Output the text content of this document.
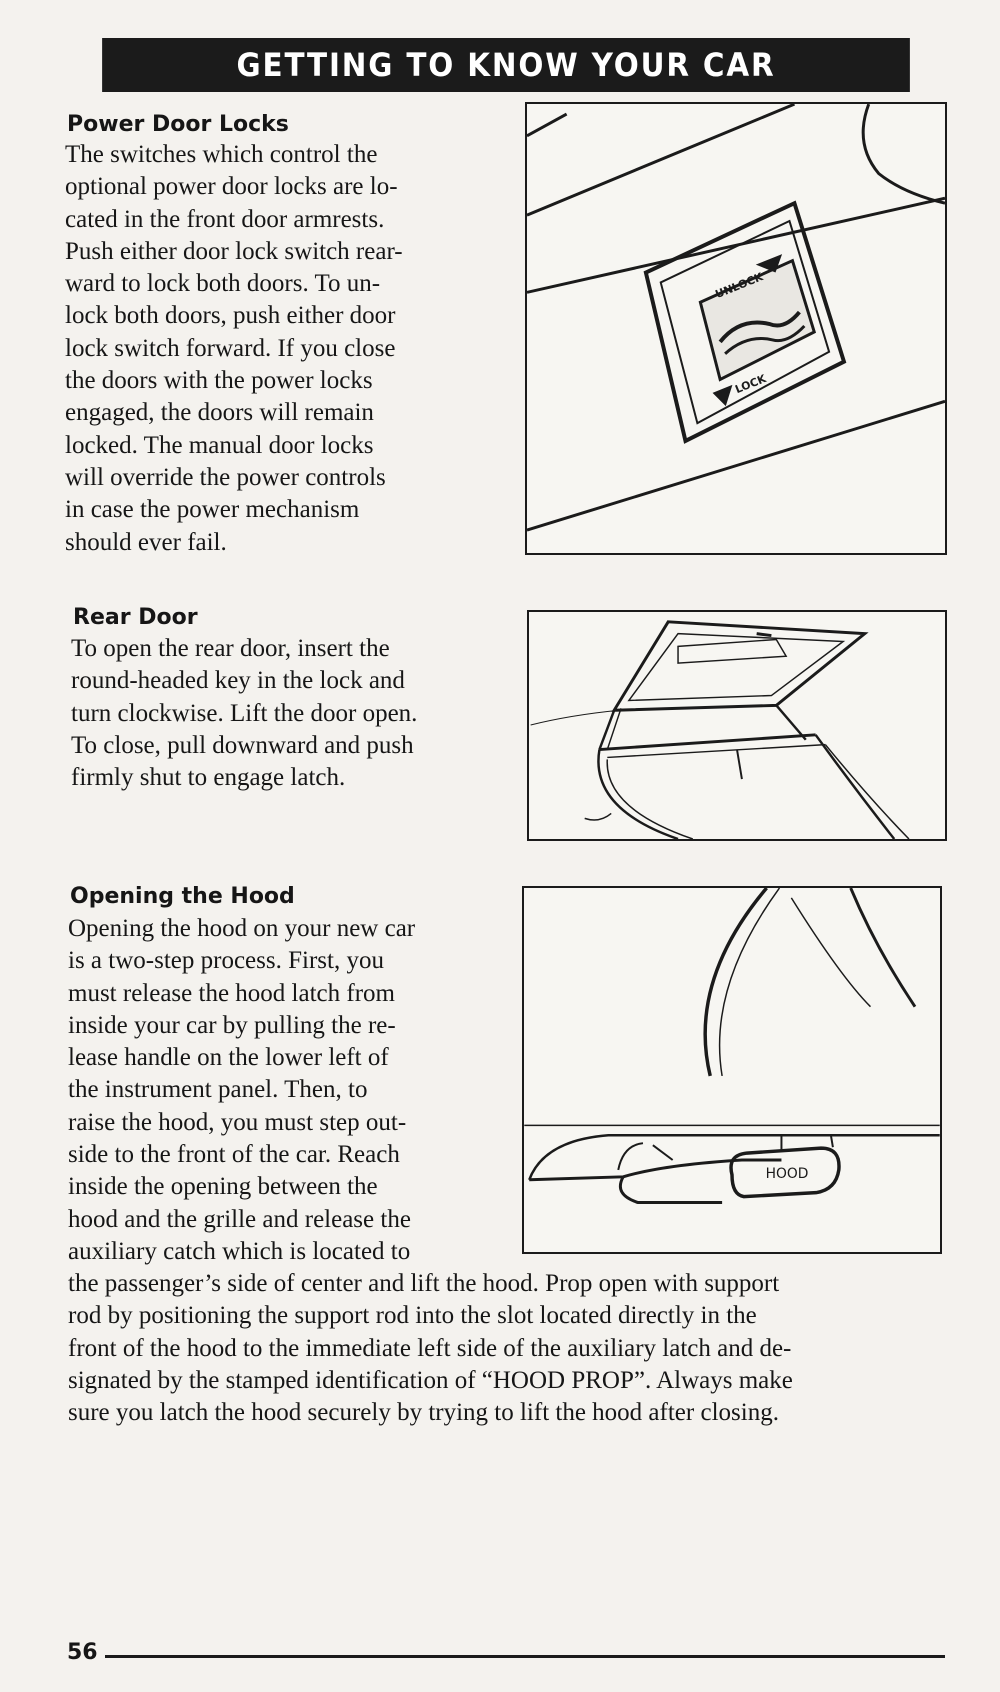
GETTING TO KNOW YOUR CAR
Power Door Locks

The switches which control the
optional power door locks are lo-
cated in the front door armrests.
Push either door lock switch rear-
ward to lock both doors. To un-
lock both doors, push either door
lock switch forward. If you close
the doors with the power locks
engaged, the doors will remain
locked. The manual door locks
will override the power controls
in case the power mechanism
should ever fail.

UNLOCK
LOCK
Rear Door

To open the rear door, insert the
round-headed key in the lock and
turn clockwise. Lift the door open.
To close, pull downward and push
firmly shut to engage latch.

Opening the Hood

Opening the hood on your new car
is a two-step process. First, you
must release the hood latch from
inside your car by pulling the re-
lease handle on the lower left of
the instrument panel. Then, to
raise the hood, you must step out-
side to the front of the car. Reach
inside the opening between the
hood and the grille and release the
auxiliary catch which is located to

HOOD

the passenger’s side of center and lift the hood. Prop open with support
rod by positioning the support rod into the slot located directly in the
front of the hood to the immediate left side of the auxiliary latch and de-
signated by the stamped identification of “HOOD PROP”. Always make
sure you latch the hood securely by trying to lift the hood after closing.

56
